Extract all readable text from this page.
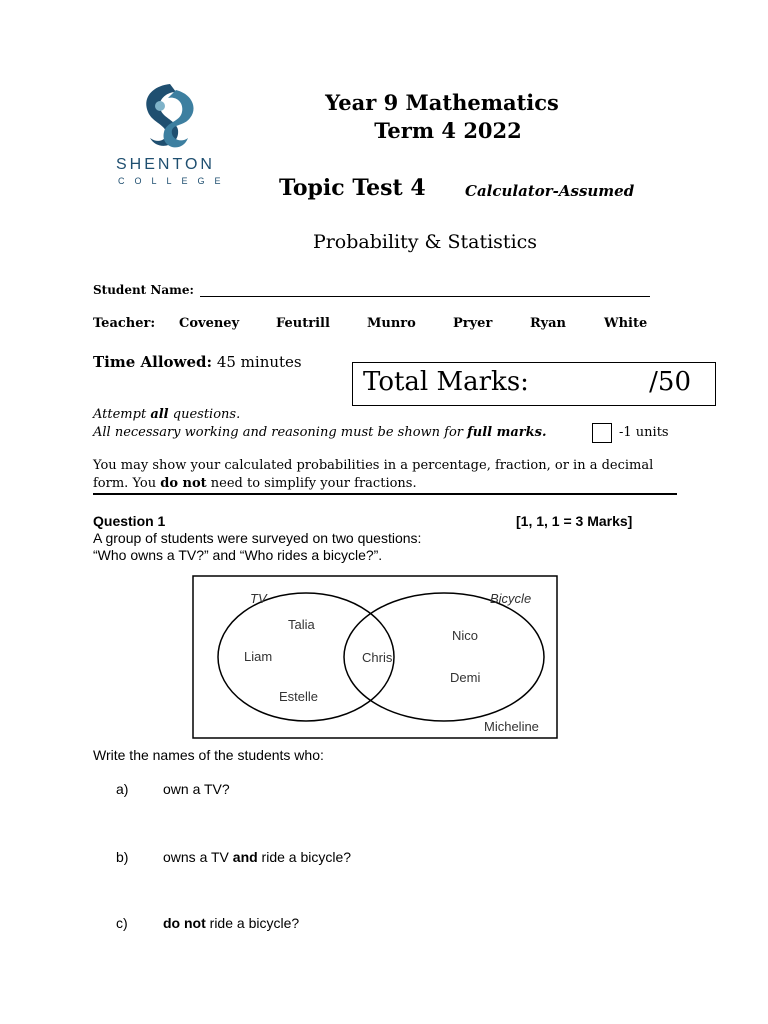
SHENTON
COLLEGE
Year 9 Mathematics
Term 4 2022
Topic Test 4	Calculator-Assumed
Probability & Statistics
Student Name:
Teacher: Coveney	Feutrill	Munro	Pryer	Ryan	White
Time Allowed: 45 minutes
Total Marks:	/50
Attempt all questions.
All necessary working and reasoning must be shown for full marks.	-1 units
You may show your calculated probabilities in a percentage, fraction, or in a decimal
form. You do not need to simplify your fractions.
Question 1	[1, 1, 1 = 3 Marks]
A group of students were surveyed on two questions:
“Who owns a TV?” and “Who rides a bicycle?”.
TV	Bicycle
Talia
Liam
Estelle
Chris
Nico
Demi
Micheline
Write the names of the students who:
a) own a TV?
b) owns a TV and ride a bicycle?
c)	do not ride a bicycle?
